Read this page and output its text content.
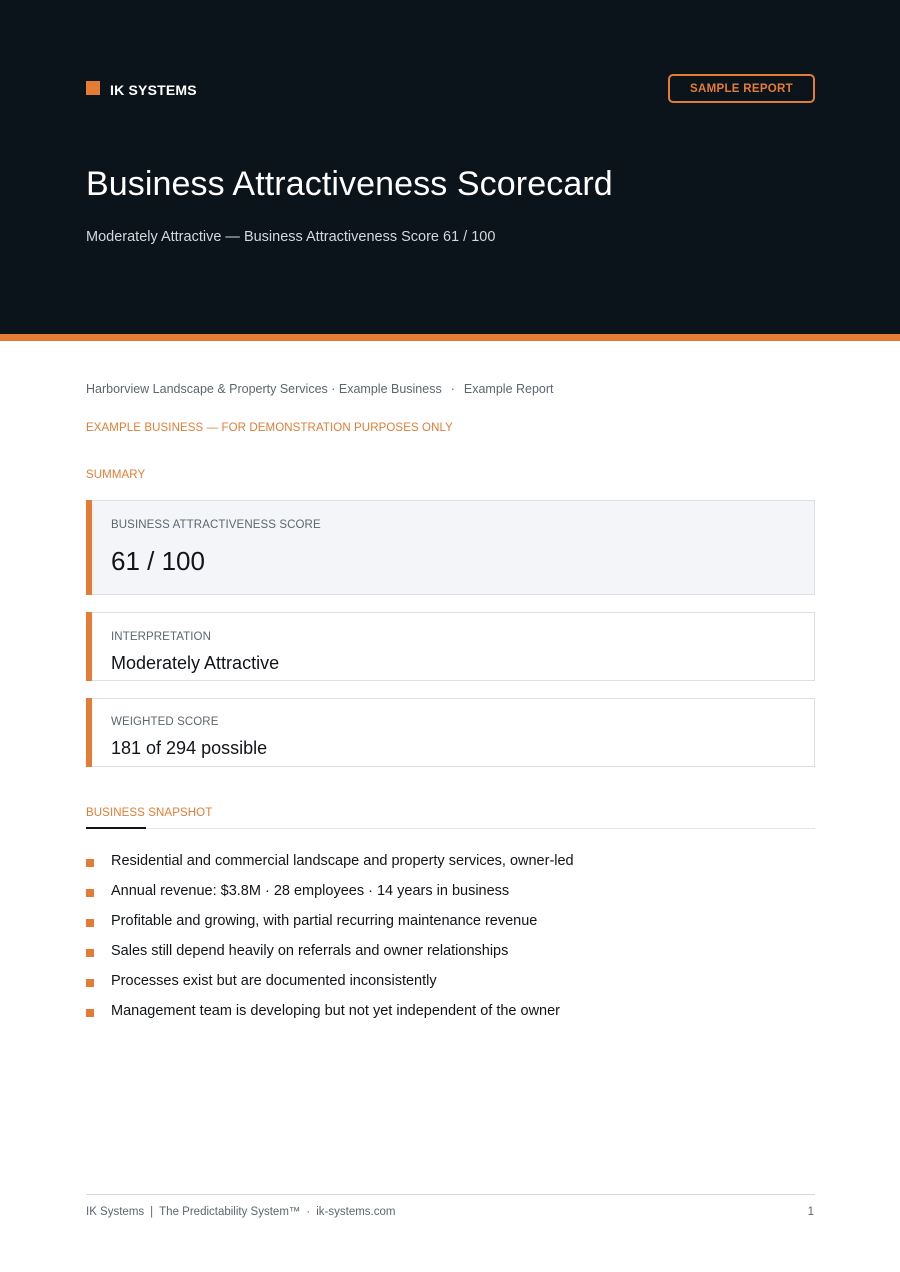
IK SYSTEMS	SAMPLE REPORT
Business Attractiveness Scorecard
Moderately Attractive — Business Attractiveness Score 61 / 100
Harborview Landscape & Property Services · Example Business · Example Report
EXAMPLE BUSINESS — FOR DEMONSTRATION PURPOSES ONLY
SUMMARY
BUSINESS ATTRACTIVENESS SCORE
61 / 100
INTERPRETATION
Moderately Attractive
WEIGHTED SCORE
181 of 294 possible
BUSINESS SNAPSHOT
Residential and commercial landscape and property services, owner-led
Annual revenue: $3.8M · 28 employees · 14 years in business
Profitable and growing, with partial recurring maintenance revenue
Sales still depend heavily on referrals and owner relationships
Processes exist but are documented inconsistently
Management team is developing but not yet independent of the owner
IK Systems | The Predictability System™ · ik-systems.com	1
